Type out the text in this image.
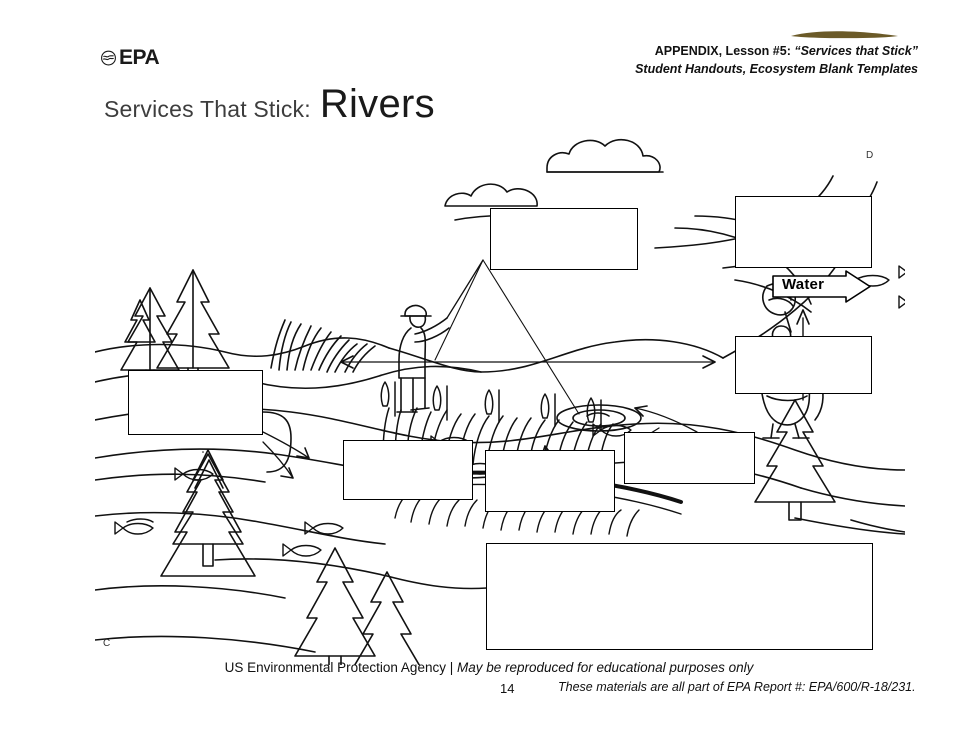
EPA	APPENDIX, Lesson #5: “Services that Stick”
Student Handouts, Ecosystem Blank Templates
Services That Stick: Rivers
Water
D
C
US Environmental Protection Agency | May be reproduced for educational purposes only
14	These materials are all part of EPA Report #: EPA/600/R-18/231.
